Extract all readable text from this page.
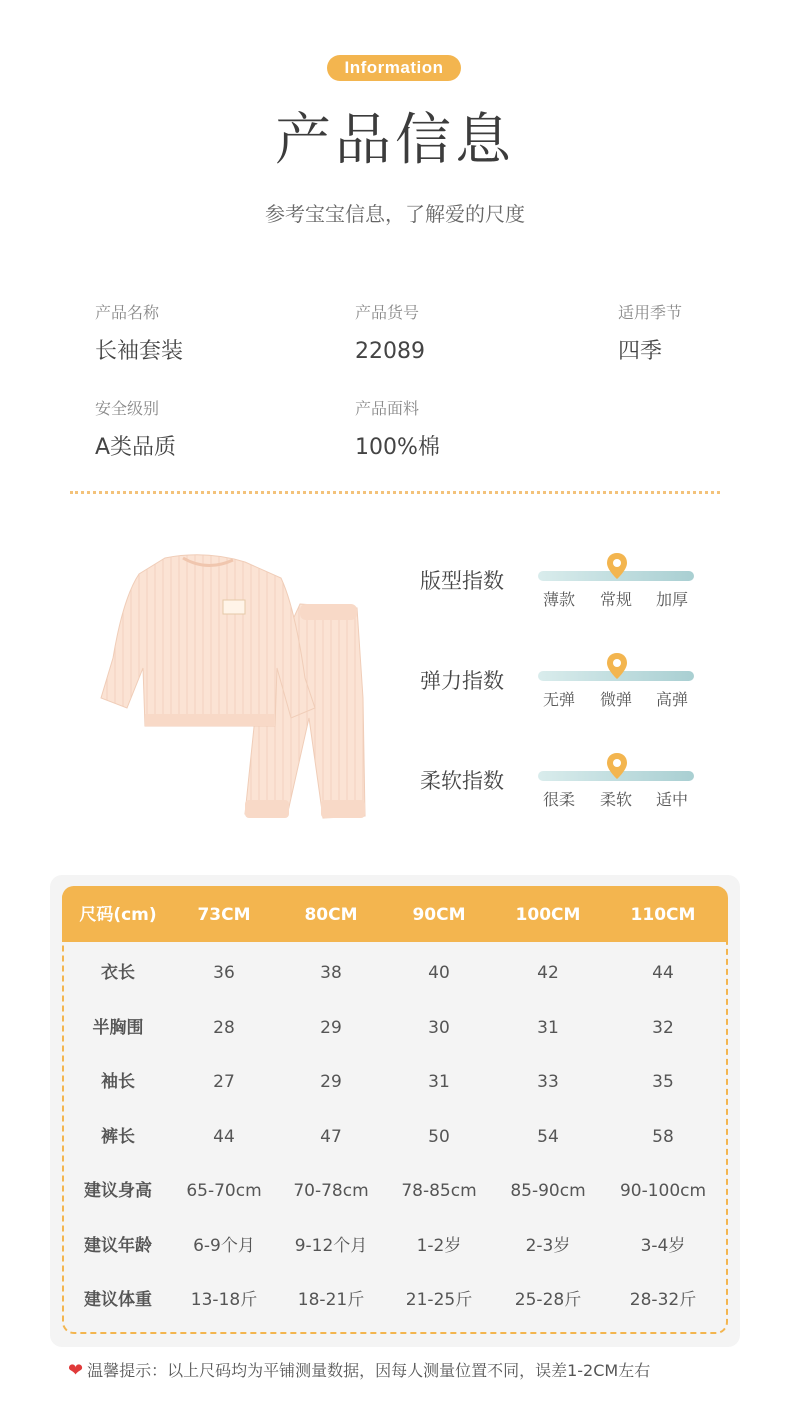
Information
产品信息
参考宝宝信息，了解爱的尺度
产品名称
长袖套装
产品货号
22089
适用季节
四季
安全级别
A类品质
产品面料
100%棉
版型指数
薄款	常规	加厚
弹力指数
无弹	微弹	高弹
柔软指数
很柔	柔软	适中
尺码(cm) 73CM	80CM	90CM	100CM	110CM
衣长	36	38	40	42	44
半胸围	28	29	30	31	32
袖长	27	29	31	33	35
裤长	44	47	50	54	58
建议身高 65-70cm 70-78cm 78-85cm 85-90cm 90-100cm
建议年龄 6-9个月 9-12个月	1-2岁	2-3岁	3-4岁
建议体重 13-18斤 18-21斤 21-25斤	25-28斤	28-32斤
❤ 温馨提示：以上尺码均为平铺测量数据，因每人测量位置不同，误差1-2CM左右
